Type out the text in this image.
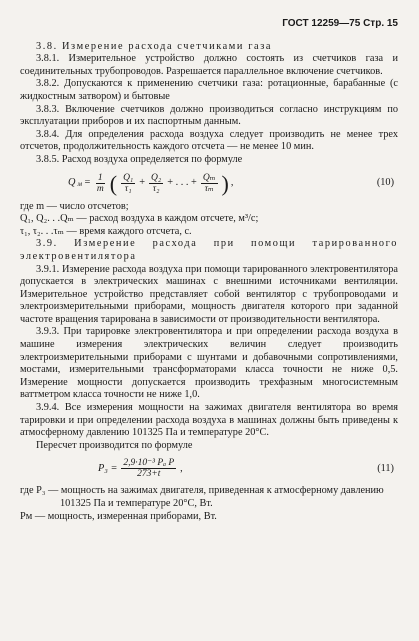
ГОСТ 12259—75 Стр. 15

3.8. Измерение расхода счетчиками газа

3.8.1. Измерительное устройство должно состоять из счетчиков газа и соединительных трубопроводов. Разрешается параллельное включение счетчиков.

3.8.2. Допускаются к применению счетчики газа: ротационные, барабанные (с жидкостным затвором) и бытовые

3.8.3. Включение счетчиков должно производиться согласно инструкциям по эксплуатации приборов и их паспортным данным.

3.8.4. Для определения расхода воздуха следует производить не менее трех отсчетов, продолжительность каждого отсчета — не менее 10 мин.

3.8.5. Расход воздуха определяется по формуле

Q $м = \frac{1}{m}$ ( $\frac{\text{Q₁}}{\text{τ₁}} + \frac{\text{Q₂}}{\text{τ₂}}$ + . . . + $\frac{\text{Qₘ}}{\text{τₘ}}$ ) ,	(10)

где m — число отсчетов;

Q₁, Q₂. . .Qₘ — расход воздуха в каждом отсчете, м³/с;

τ₁, τ₂. . .τₘ — время каждого отсчета, с.

3.9. Измерение расхода при помощи тарированного электровентилятора

3.9.1. Измерение расхода воздуха при помощи тарированного электровентилятора допускается в электрических машинах с внешними источниками вентиляции. Измерительное устройство представляет собой вентилятор с трубопроводами и электроизмерительными приборами, мощность двигателя которого при заданной частоте вращения тарирована в зависимости от производительности вентилятора.

3.9.3. При тарировке электровентилятора и при определении расхода воздуха в машине измерения электрических величин следует производить электроизмерительными приборами с шунтами и добавочными сопротивлениями, мостами, измерительными трансформаторами класса точности не ниже 0,5. Измерение мощности допускается производить трехфазным многосистемным ваттметром класса точности не ниже 1,0.

3.9.4. Все измерения мощности на зажимах двигателя вентилятора во время тарировки и при определении расхода воздуха в машинах должны быть приведены к атмосферному давлению 101325 Па и температуре 20°С.

Пересчет производится по формуле

$P_3 = \frac{\text{2,9·10⁻³ Pₐ P}}{273+t}$ ,	(11)

где P₃ — мощность на зажимах двигателя, приведенная к атмосферному давлению 101325 Па и температуре 20°С, Вт.

Pм — мощность, измеренная приборами, Вт.
